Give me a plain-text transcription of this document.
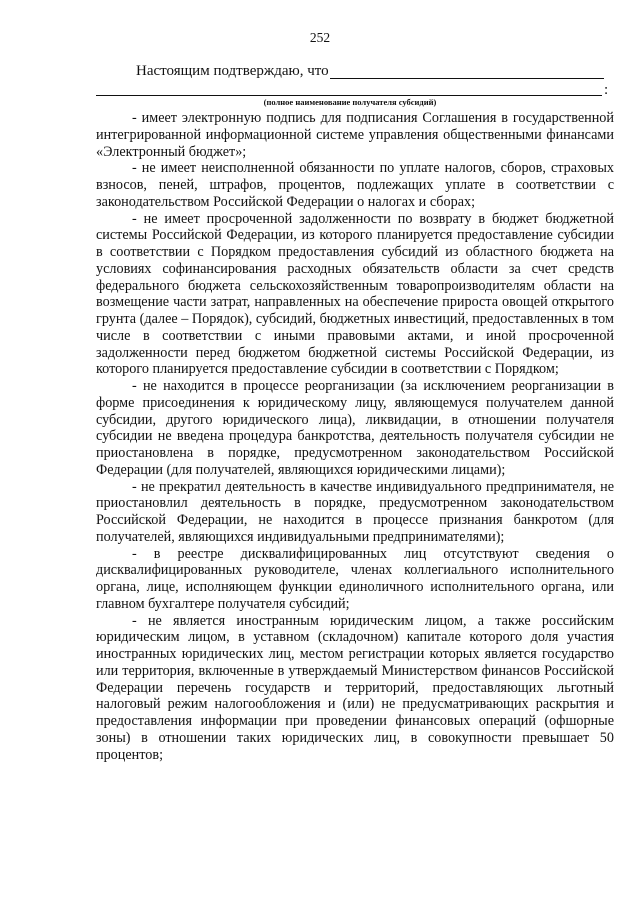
252
Настоящим подтверждаю, что
:
(полное наименование получателя субсидий)

- имеет электронную подпись для подписания Соглашения в государственной интегрированной информационной системе управления общественными финансами «Электронный бюджет»;

- не имеет неисполненной обязанности по уплате налогов, сборов, страховых взносов, пеней, штрафов, процентов, подлежащих уплате в соответствии с законодательством Российской Федерации о налогах и сборах;

- не имеет просроченной задолженности по возврату в бюджет бюджетной системы Российской Федерации, из которого планируется предоставление субсидии в соответствии с Порядком предоставления субсидий из областного бюджета на условиях софинансирования расходных обязательств области за счет средств федерального бюджета сельскохозяйственным товаропроизводителям области на возмещение части затрат, направленных на обеспечение прироста овощей открытого грунта (далее – Порядок), субсидий, бюджетных инвестиций, предоставленных в том числе в соответствии с иными правовыми актами, и иной просроченной задолженности перед бюджетом бюджетной системы Российской Федерации, из которого планируется предоставление субсидии в соответствии с Порядком;

- не находится в процессе реорганизации (за исключением реорганизации в форме присоединения к юридическому лицу, являющемуся получателем данной субсидии, другого юридического лица), ликвидации, в отношении получателя субсидии не введена процедура банкротства, деятельность получателя субсидии не приостановлена в порядке, предусмотренном законодательством Российской Федерации (для получателей, являющихся юридическими лицами);

- не прекратил деятельность в качестве индивидуального предпринимателя, не приостановлил деятельность в порядке, предусмотренном законодательством Российской Федерации, не находится в процессе признания банкротом (для получателей, являющихся индивидуальными предпринимателями);

- в реестре дисквалифицированных лиц отсутствуют сведения о дисквалифицированных руководителе, членах коллегиального исполнительного органа, лице, исполняющем функции единоличного исполнительного органа, или главном бухгалтере получателя субсидий;

- не является иностранным юридическим лицом, а также российским юридическим лицом, в уставном (складочном) капитале которого доля участия иностранных юридических лиц, местом регистрации которых является государство или территория, включенные в утверждаемый Министерством финансов Российской Федерации перечень государств и территорий, предоставляющих льготный налоговый режим налогообложения и (или) не предусматривающих раскрытия и предоставления информации при проведении финансовых операций (офшорные зоны) в отношении таких юридических лиц, в совокупности превышает 50 процентов;
